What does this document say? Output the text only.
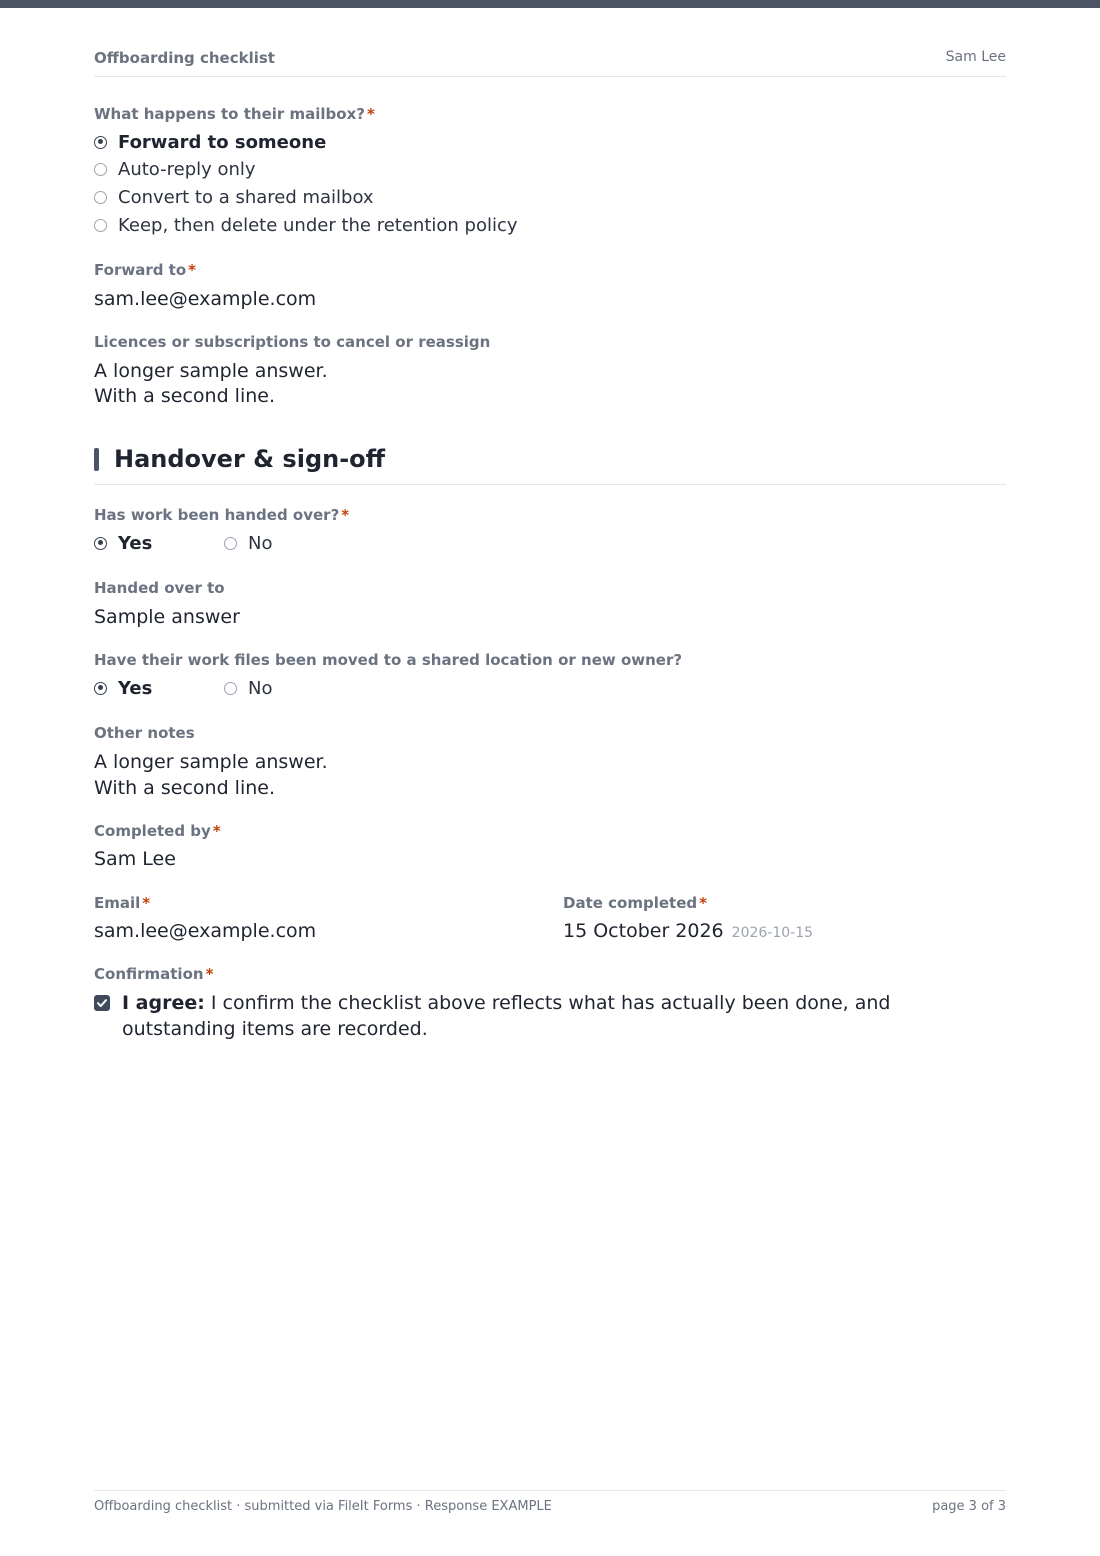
Offboarding checklist	Sam Lee
What happens to their mailbox? *
Forward to someone
Auto-reply only
Convert to a shared mailbox
Keep, then delete under the retention policy
Forward to *
sam.lee@example.com
Licences or subscriptions to cancel or reassign
A longer sample answer.
With a second line.
Handover & sign-off
Has work been handed over? *
Yes	No
Handed over to
Sample answer
Have their work files been moved to a shared location or new owner?
Yes	No
Other notes
A longer sample answer.
With a second line.
Completed by *
Sam Lee
Email *
sam.lee@example.com
Date completed *
15 October 2026 2026-10-15
Confirmation *
I agree: I confirm the checklist above reflects what has actually been done, and outstanding items are recorded.
Offboarding checklist · submitted via FileIt Forms · Response EXAMPLE	page 3 of 3
